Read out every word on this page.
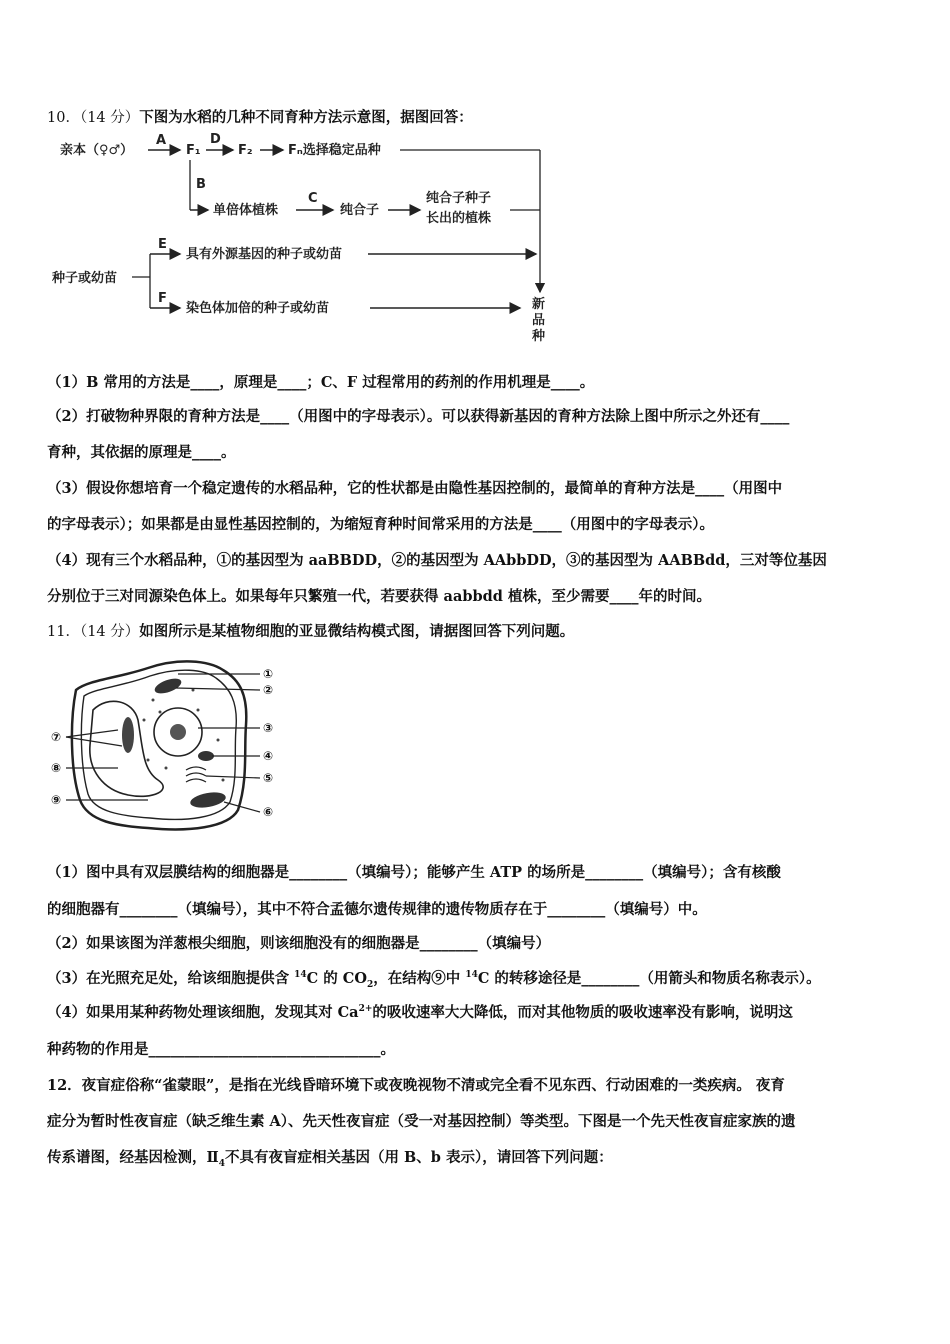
10．（14 分）下图为水稻的几种不同育种方法示意图，据图回答：
亲本（♀♂）
A
F₁
D
F₂	Fₙ选择稳定品种
B
单倍体植株
C
纯合子
纯合子种子
长出的植株
种子或幼苗
E
具有外源基因的种子或幼苗
F
染色体加倍的种子或幼苗	新
品
种
（1）B 常用的方法是____，原理是____；C、F 过程常用的药剂的作用机理是____。
（2）打破物种界限的育种方法是____（用图中的字母表示）。可以获得新基因的育种方法除上图中所示之外还有____
育种，其依据的原理是____。
（3）假设你想培育一个稳定遗传的水稻品种，它的性状都是由隐性基因控制的，最简单的育种方法是____（用图中
的字母表示）；如果都是由显性基因控制的，为缩短育种时间常采用的方法是____（用图中的字母表示）。
（4）现有三个水稻品种，①的基因型为 aaBBDD，②的基因型为 AAbbDD，③的基因型为 AABBdd，三对等位基因
分别位于三对同源染色体上。如果每年只繁殖一代，若要获得 aabbdd 植株，至少需要____年的时间。
11．（14 分）如图所示是某植物细胞的亚显微结构模式图，请据图回答下列问题。
①
②
③
④
⑤
⑥
⑦
⑧
⑨
（1）图中具有双层膜结构的细胞器是________（填编号）；能够产生 ATP 的场所是________（填编号）；含有核酸
的细胞器有________（填编号），其中不符合孟德尔遗传规律的遗传物质存在于________（填编号）中。
（2）如果该图为洋葱根尖细胞，则该细胞没有的细胞器是________（填编号）
（3）在光照充足处，给该细胞提供含 $^{14}$C 的 $CO_2$，在结构⑨中 $^{14}$C 的转移途径是________（用箭头和物质名称表示）。
（4）如果用某种药物处理该细胞，发现其对 $Ca^{2+}$的吸收速率大大降低，而对其他物质的吸收速率没有影响，说明这
种药物的作用是________________________________。
12．夜盲症俗称“雀蒙眼”，是指在光线昏暗环境下或夜晚视物不清或完全看不见东西、行动困难的一类疾病。 夜育
症分为暂时性夜盲症（缺乏维生素 A）、先天性夜盲症（受一对基因控制）等类型。下图是一个先天性夜盲症家族的遗
传系谱图，经基因检测，$Ⅱ_4$不具有夜盲症相关基因（用 B、b 表示），请回答下列问题：
